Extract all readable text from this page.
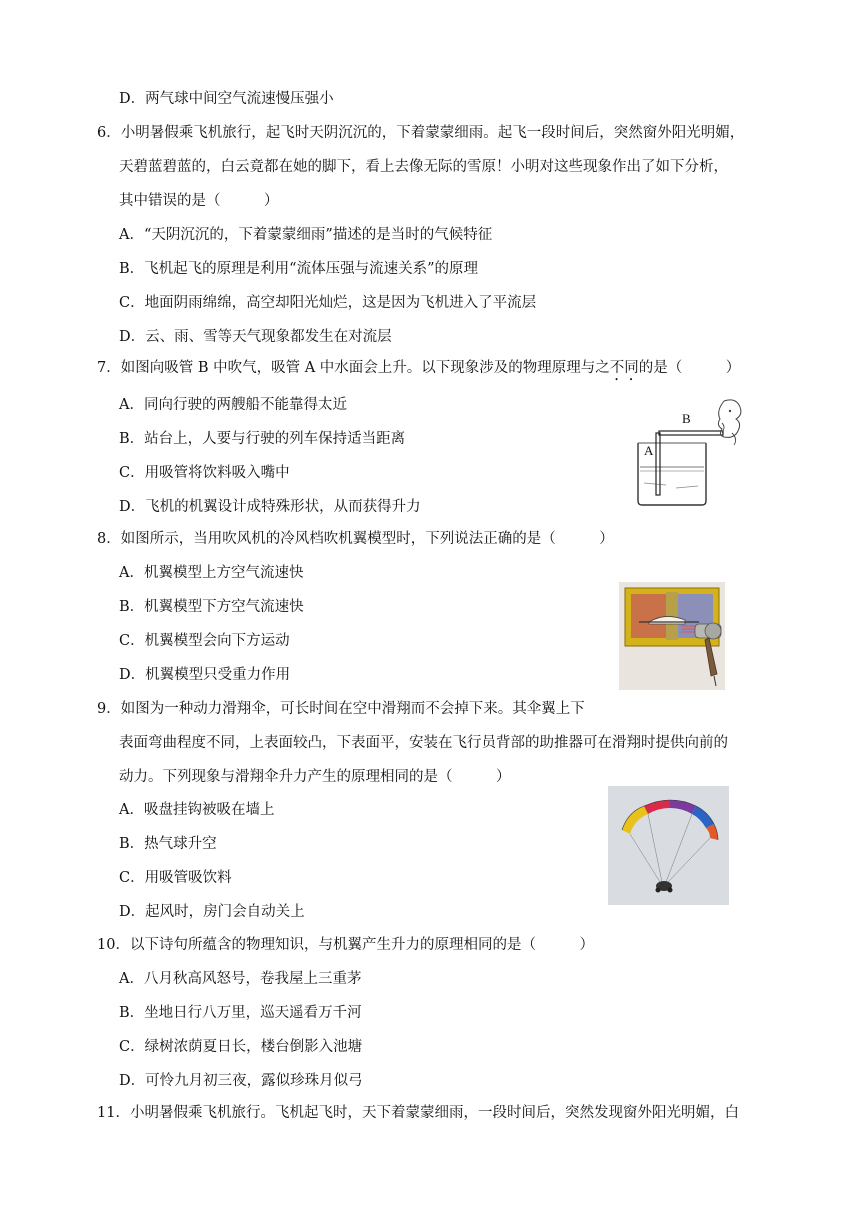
D．两气球中间空气流速慢压强小
6．小明暑假乘飞机旅行，起飞时天阴沉沉的，下着蒙蒙细雨。起飞一段时间后，突然窗外阳光明媚，
天碧蓝碧蓝的，白云竟都在她的脚下，看上去像无际的雪原！小明对这些现象作出了如下分析，
其中错误的是（　　　）
A．“天阴沉沉的，下着蒙蒙细雨”描述的是当时的气候特征
B．飞机起飞的原理是利用“流体压强与流速关系”的原理
C．地面阴雨绵绵，高空却阳光灿烂，这是因为飞机进入了平流层
D．云、雨、雪等天气现象都发生在对流层
7．如图向吸管 B 中吹气，吸管 A 中水面会上升。以下现象涉及的物理原理与之不同的是（　　　）
A．同向行驶的两艘船不能靠得太近
B．站台上，人要与行驶的列车保持适当距离
C．用吸管将饮料吸入嘴中
D．飞机的机翼设计成特殊形状，从而获得升力
A
B
8．如图所示，当用吹风机的冷风档吹机翼模型时，下列说法正确的是（　　　）
A．机翼模型上方空气流速快
B．机翼模型下方空气流速快
C．机翼模型会向下方运动
D．机翼模型只受重力作用
9．如图为一种动力滑翔伞，可长时间在空中滑翔而不会掉下来。其伞翼上下
表面弯曲程度不同，上表面较凸，下表面平，安装在飞行员背部的助推器可在滑翔时提供向前的
动力。下列现象与滑翔伞升力产生的原理相同的是（　　　）
A．吸盘挂钩被吸在墙上
B．热气球升空
C．用吸管吸饮料
D．起风时，房门会自动关上
10．以下诗句所蕴含的物理知识，与机翼产生升力的原理相同的是（　　　）
A．八月秋高风怒号，卷我屋上三重茅
B．坐地日行八万里，巡天遥看万千河
C．绿树浓荫夏日长，楼台倒影入池塘
D．可怜九月初三夜，露似珍珠月似弓
11．小明暑假乘飞机旅行。飞机起飞时，天下着蒙蒙细雨，一段时间后，突然发现窗外阳光明媚，白
